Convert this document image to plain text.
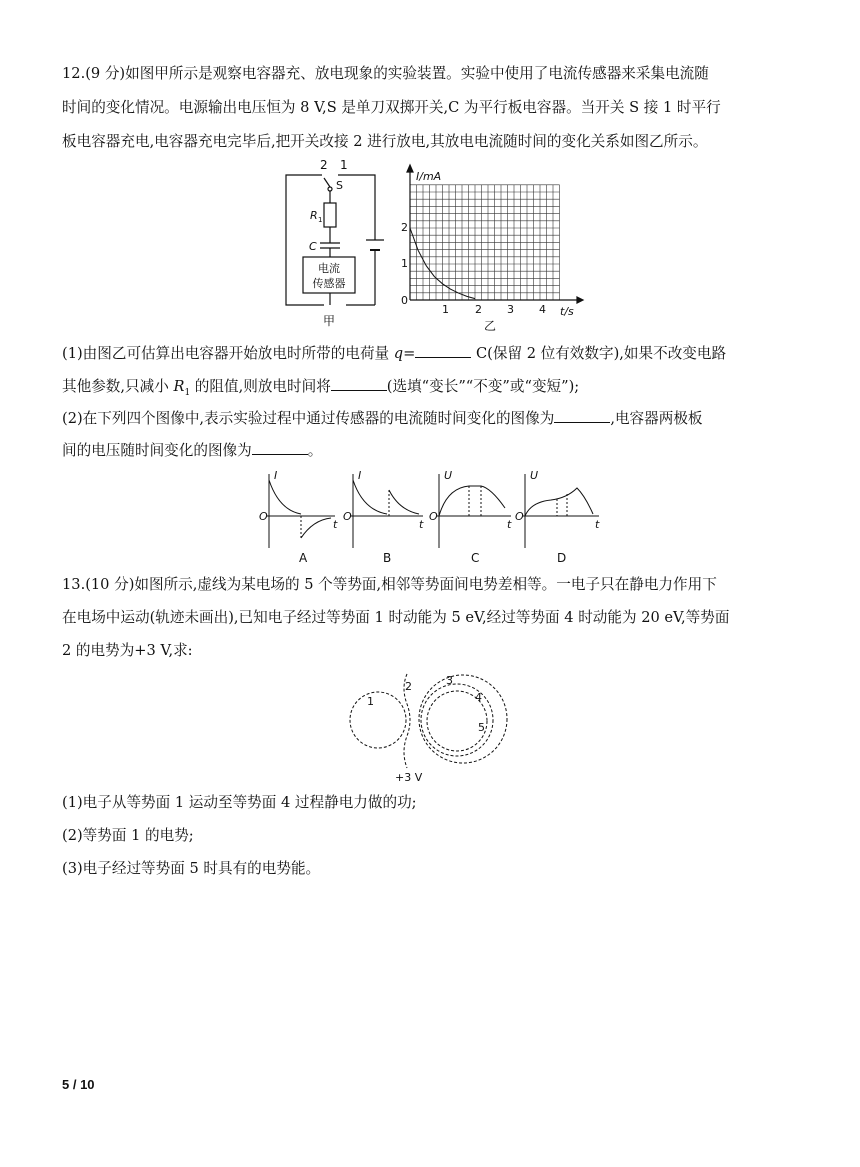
12.(9 分)如图甲所示是观察电容器充、放电现象的实验装置。实验中使用了电流传感器来采集电流随
时间的变化情况。电源输出电压恒为 8 V,S 是单刀双掷开关,C 为平行板电容器。当开关 S 接 1 时平行
板电容器充电,电容器充电完毕后,把开关改接 2 进行放电,其放电电流随时间的变化关系如图乙所示。
2 1
S
R 1
C
电流
传感器
甲
I/mA
t/s
0
1
2
1 2 3 4
乙
(1)由图乙可估算出电容器开始放电时所带的电荷量 q=	C(保留 2 位有效数字),如果不改变电路
其他参数,只减小 $R_1$ 的阻值,则放电时间将	(选填“变长”“不变”或“变短”);
(2)在下列四个图像中,表示实验过程中通过传感器的电流随时间变化的图像为	,电容器两极板
间的电压随时间变化的图像为	。
I
O
t
A
I
O
t
B
U
O
t
C
U
O
t
D
13.(10 分)如图所示,虚线为某电场的 5 个等势面,相邻等势面间电势差相等。一电子只在静电力作用下
在电场中运动(轨迹未画出),已知电子经过等势面 1 时动能为 5 eV,经过等势面 4 时动能为 20 eV,等势面
2 的电势为+3 V,求:
1
2	3
4
5
+3 V
(1)电子从等势面 1 运动至等势面 4 过程静电力做的功;
(2)等势面 1 的电势;
(3)电子经过等势面 5 时具有的电势能。
5 / 10
